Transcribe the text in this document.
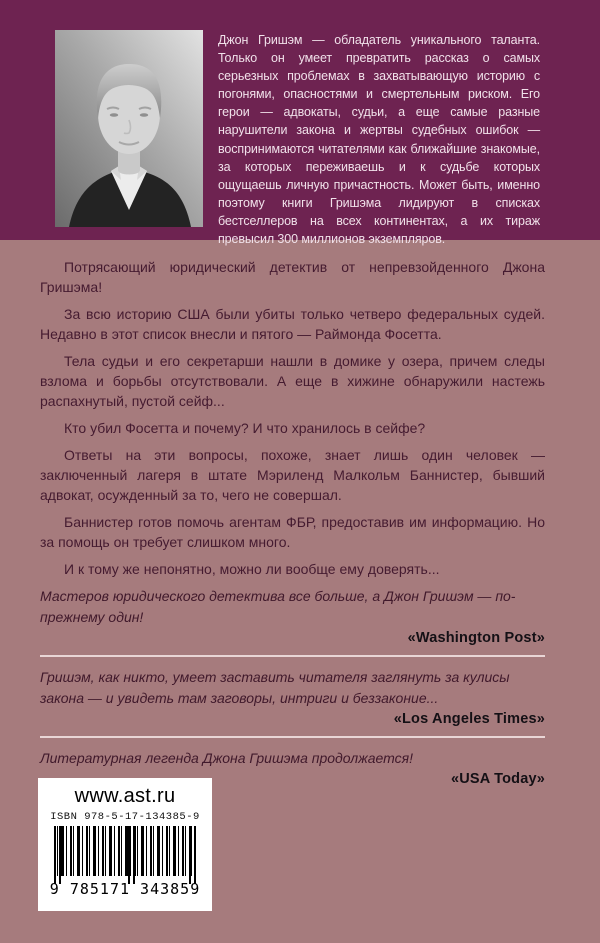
Джон Гришэм — обладатель уникального таланта. Только он умеет превратить рассказ о самых серьезных проблемах в захватывающую историю с погонями, опасностями и смертельным риском. Его герои — адвокаты, судьи, а еще самые разные нарушители закона и жертвы судебных ошибок — воспринимаются читателями как ближайшие знакомые, за которых переживаешь и к судьбе которых ощущаешь личную причастность. Может быть, именно поэтому книги Гришэма лидируют в списках бестселлеров на всех континентах, а их тираж превысил 300 миллионов экземпляров.

Потрясающий юридический детектив от непревзойденного Джона Гришэма!

За всю историю США были убиты только четверо федеральных судей. Недавно в этот список внесли и пятого — Раймонда Фосетта.

Тела судьи и его секретарши нашли в домике у озера, причем следы взлома и борьбы отсутствовали. А еще в хижине обнаружили настежь распахнутый, пустой сейф...

Кто убил Фосетта и почему? И что хранилось в сейфе?

Ответы на эти вопросы, похоже, знает лишь один человек — заключенный лагеря в штате Мэриленд Малкольм Баннистер, бывший адвокат, осужденный за то, чего не совершал.

Баннистер готов помочь агентам ФБР, предоставив им информацию. Но за помощь он требует слишком много.

И к тому же непонятно, можно ли вообще ему доверять...

Мастеров юридического детектива все больше, а Джон Гришэм — по-прежнему один!

«Washington Post»

Гришэм, как никто, умеет заставить читателя заглянуть за кулисы закона — и увидеть там заговоры, интриги и беззаконие...

«Los Angeles Times»

Литературная легенда Джона Гришэма продолжается!

«USA Today»

www.ast.ru

ISBN 978-5-17-134385-9

9 785171 343859
